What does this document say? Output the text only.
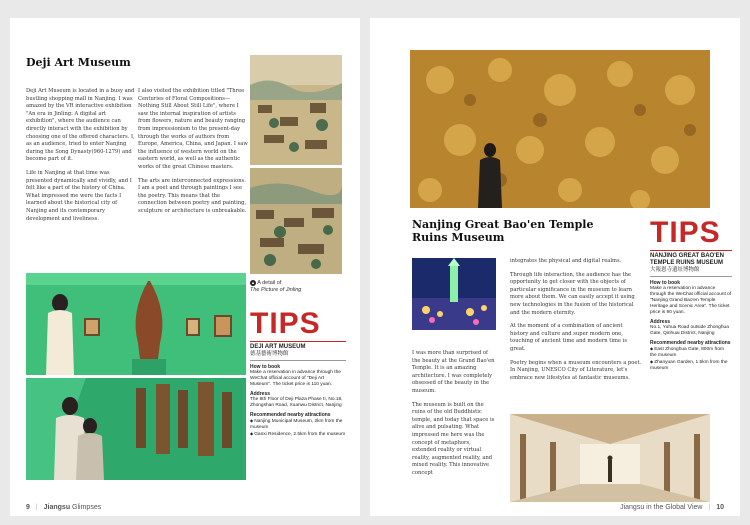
Deji Art Museum

Deji Art Museum is located in a busy and bustling shopping mall in Nanjing. I was amazed by the VR interactive exhibition "An era in Jinling: A digital art exhibition", where the audience can directly interact with the exhibition by choosing one of the offered characters. I, as an audience, tried to enter Nanjing during the Song Dynasty(960-1279) and become part of it.

Life in Nanjing at that time was presented dynamically and vividly, and I felt like a part of the history of China. What impressed me were the facts I learned about the historical city of Nanjing and its contemporary development and liveliness.

I also visited the exhibition titled "Three Centuries of Floral Compositions— Nothing Still About Still Life", where I saw the internal inspiration of artists from flowers, nature and beauty ranging from impressionism to the present-day through the works of authors from Europe, America, China, and Japan. I saw the influence of western world on the eastern world, as well as the authentic works of the great Chinese masters.

The arts are interconnected expressions. I am a poet and through paintings I see the poetry. This means that the connection between poetry and painting, sculpture or architecture is unbreakable.

▲ A detail of
The Picture of Jinling
TIPS
DEJI ART MUSEUM
德基藝術博物館
How to book
Make a reservation in advance through the WeChat official account of "Deji Art Museum". The ticket price is 110 yuan.
Address
The 8th Floor of Deji Plaza Phase II, No.18, Zhongshan Road, Xuanwu District, Nanjing
Recommended nearby attractions
◆ Nanjing Municipal Museum, 2km from the museum
◆ Ganxi Residence, 2.5km from the museum
9 | Jiangsu Glimpses
Nanjing Great Bao'en Temple
Ruins Museum

I was more than surprised of the beauty at the Grand Bao'en Temple. It is an amazing architecture. I was completely obsessed of the beauty in the museum.

The museum is built on the ruins of the old Buddhistic temple, and today that space is alive and pulsating. What impressed me here was the concept of metaphors, extended reality or virtual reality, augmented reality, and mixed reality. This innovative concept

integrates the physical and digital realms.

Through life interaction, the audience has the opportunity to get closer with the objects of particular significance in the museum to learn more about them. We can easily accept it using new technologies in the fusion of the historical and the modern eternity.

At the moment of a combination of ancient history and culture and super modern one, touching of ancient time and modern time is great.

Poetry begins when a museum encounters a poet. In Nanjing, UNESCO City of Literature, let's embrace new lifestyles at fantastic museums.

TIPS
NANJING GREAT BAO'EN
TEMPLE RUINS MUSEUM
大報恩寺遺址博物館
How to book
Make a reservation in advance through the WeChat official account of "Nanjing Grand Bao'en Temple Heritage and Scenic Area". The ticket price is 90 yuan.
Address
No.1, Yuhua Road outside Zhonghua Gate, Qinhuai District, Nanjing
Recommended nearby attractions
◆ East Zhonghua Gate, 800m from the museum
◆ Zhanyuan Garden, 1.5km from the museum
Jiangsu in the Global View | 10
